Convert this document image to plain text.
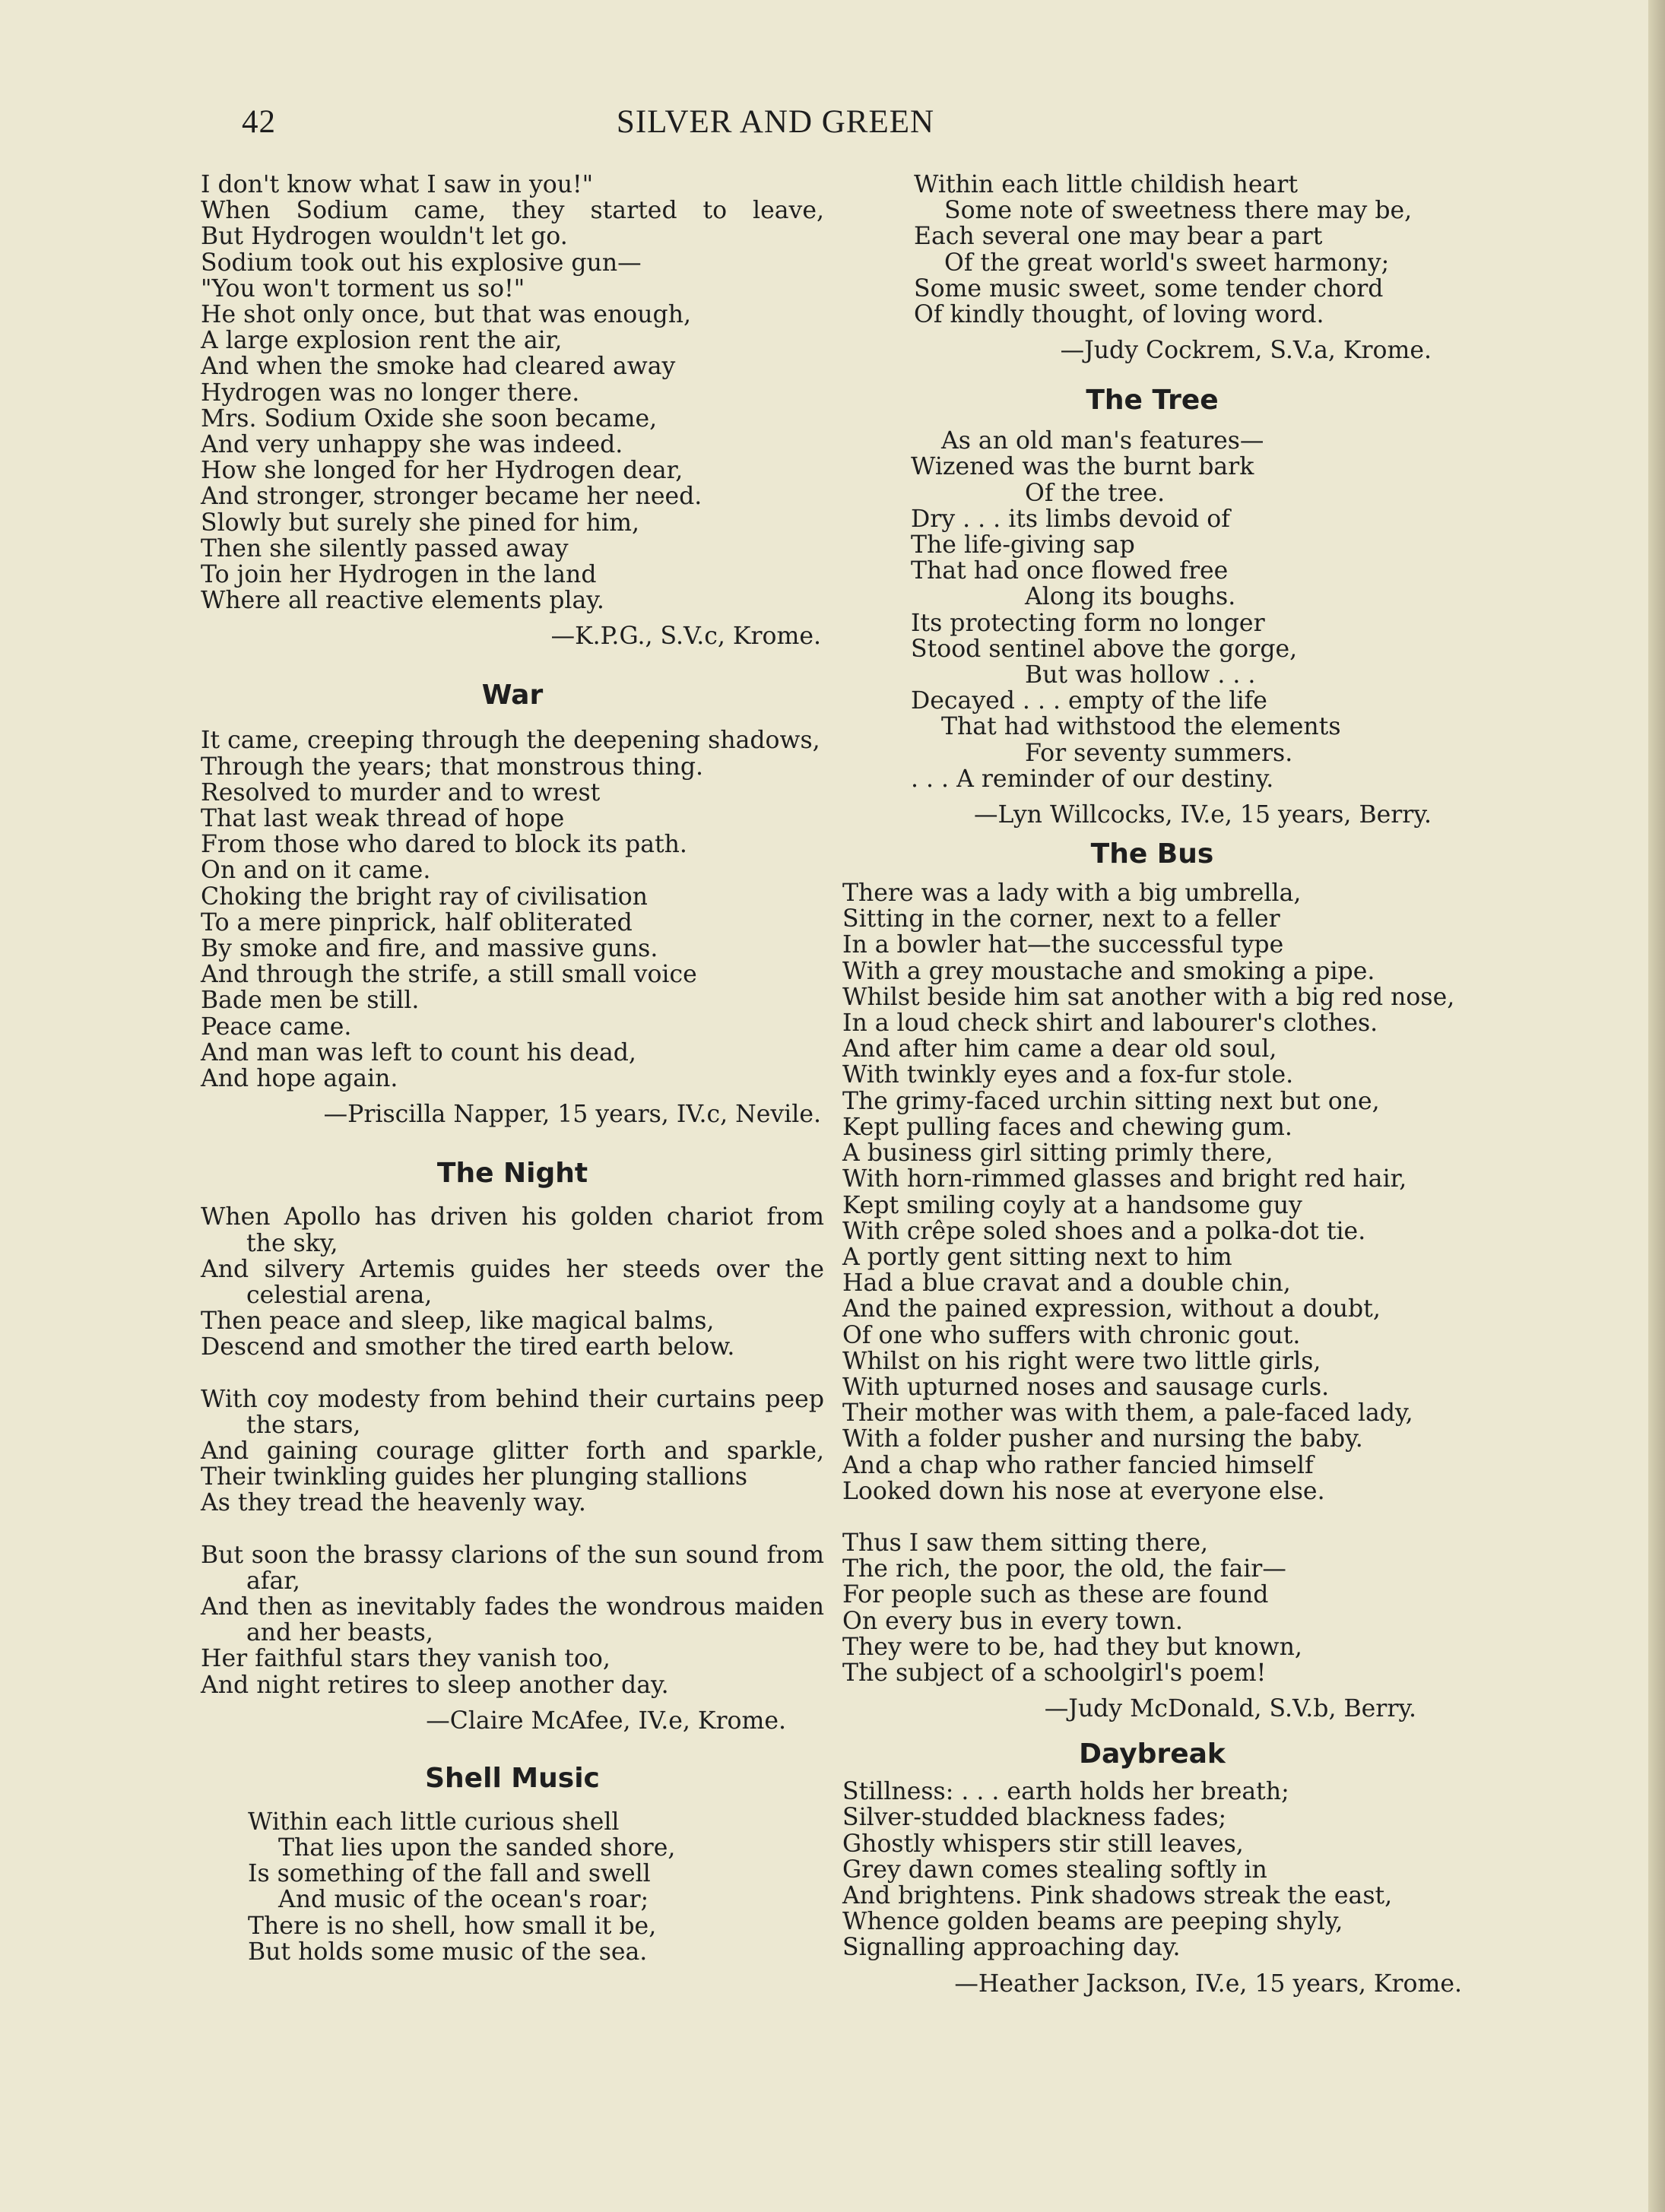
42	SILVER AND GREEN
I don't know what I saw in you!"
When Sodium came, they started to leave,
But Hydrogen wouldn't let go.
Sodium took out his explosive gun—
"You won't torment us so!"
He shot only once, but that was enough,
A large explosion rent the air,
And when the smoke had cleared away
Hydrogen was no longer there.
Mrs. Sodium Oxide she soon became,
And very unhappy she was indeed.
How she longed for her Hydrogen dear,
And stronger, stronger became her need.
Slowly but surely she pined for him,
Then she silently passed away
To join her Hydrogen in the land
Where all reactive elements play.
—K.P.G., S.V.c, Krome.
War
It came, creeping through the deepening shadows,
Through the years; that monstrous thing.
Resolved to murder and to wrest
That last weak thread of hope
From those who dared to block its path.
On and on it came.
Choking the bright ray of civilisation
To a mere pinprick, half obliterated
By smoke and fire, and massive guns.
And through the strife, a still small voice
Bade men be still.
Peace came.
And man was left to count his dead,
And hope again.
—Priscilla Napper, 15 years, IV.c, Nevile.
The Night
When Apollo has driven his golden chariot from
the sky,
And silvery Artemis guides her steeds over the
celestial arena,
Then peace and sleep, like magical balms,
Descend and smother the tired earth below.
With coy modesty from behind their curtains peep
the stars,
And gaining courage glitter forth and sparkle,
Their twinkling guides her plunging stallions
As they tread the heavenly way.
But soon the brassy clarions of the sun sound from
afar,
And then as inevitably fades the wondrous maiden
and her beasts,
Her faithful stars they vanish too,
And night retires to sleep another day.
—Claire McAfee, IV.e, Krome.
Shell Music
Within each little curious shell
That lies upon the sanded shore,
Is something of the fall and swell
And music of the ocean's roar;
There is no shell, how small it be,
But holds some music of the sea.
Within each little childish heart
Some note of sweetness there may be,
Each several one may bear a part
Of the great world's sweet harmony;
Some music sweet, some tender chord
Of kindly thought, of loving word.
—Judy Cockrem, S.V.a, Krome.
The Tree
As an old man's features—
Wizened was the burnt bark
Of the tree.
Dry . . . its limbs devoid of
The life-giving sap
That had once flowed free
Along its boughs.
Its protecting form no longer
Stood sentinel above the gorge,
But was hollow . . .
Decayed . . . empty of the life
That had withstood the elements
For seventy summers.
. . . A reminder of our destiny.
—Lyn Willcocks, IV.e, 15 years, Berry.
The Bus
There was a lady with a big umbrella,
Sitting in the corner, next to a feller
In a bowler hat—the successful type
With a grey moustache and smoking a pipe.
Whilst beside him sat another with a big red nose,
In a loud check shirt and labourer's clothes.
And after him came a dear old soul,
With twinkly eyes and a fox-fur stole.
The grimy-faced urchin sitting next but one,
Kept pulling faces and chewing gum.
A business girl sitting primly there,
With horn-rimmed glasses and bright red hair,
Kept smiling coyly at a handsome guy
With crêpe soled shoes and a polka-dot tie.
A portly gent sitting next to him
Had a blue cravat and a double chin,
And the pained expression, without a doubt,
Of one who suffers with chronic gout.
Whilst on his right were two little girls,
With upturned noses and sausage curls.
Their mother was with them, a pale-faced lady,
With a folder pusher and nursing the baby.
And a chap who rather fancied himself
Looked down his nose at everyone else.
Thus I saw them sitting there,
The rich, the poor, the old, the fair—
For people such as these are found
On every bus in every town.
They were to be, had they but known,
The subject of a schoolgirl's poem!
—Judy McDonald, S.V.b, Berry.
Daybreak
Stillness: . . . earth holds her breath;
Silver-studded blackness fades;
Ghostly whispers stir still leaves,
Grey dawn comes stealing softly in
And brightens. Pink shadows streak the east,
Whence golden beams are peeping shyly,
Signalling approaching day.
—Heather Jackson, IV.e, 15 years, Krome.
